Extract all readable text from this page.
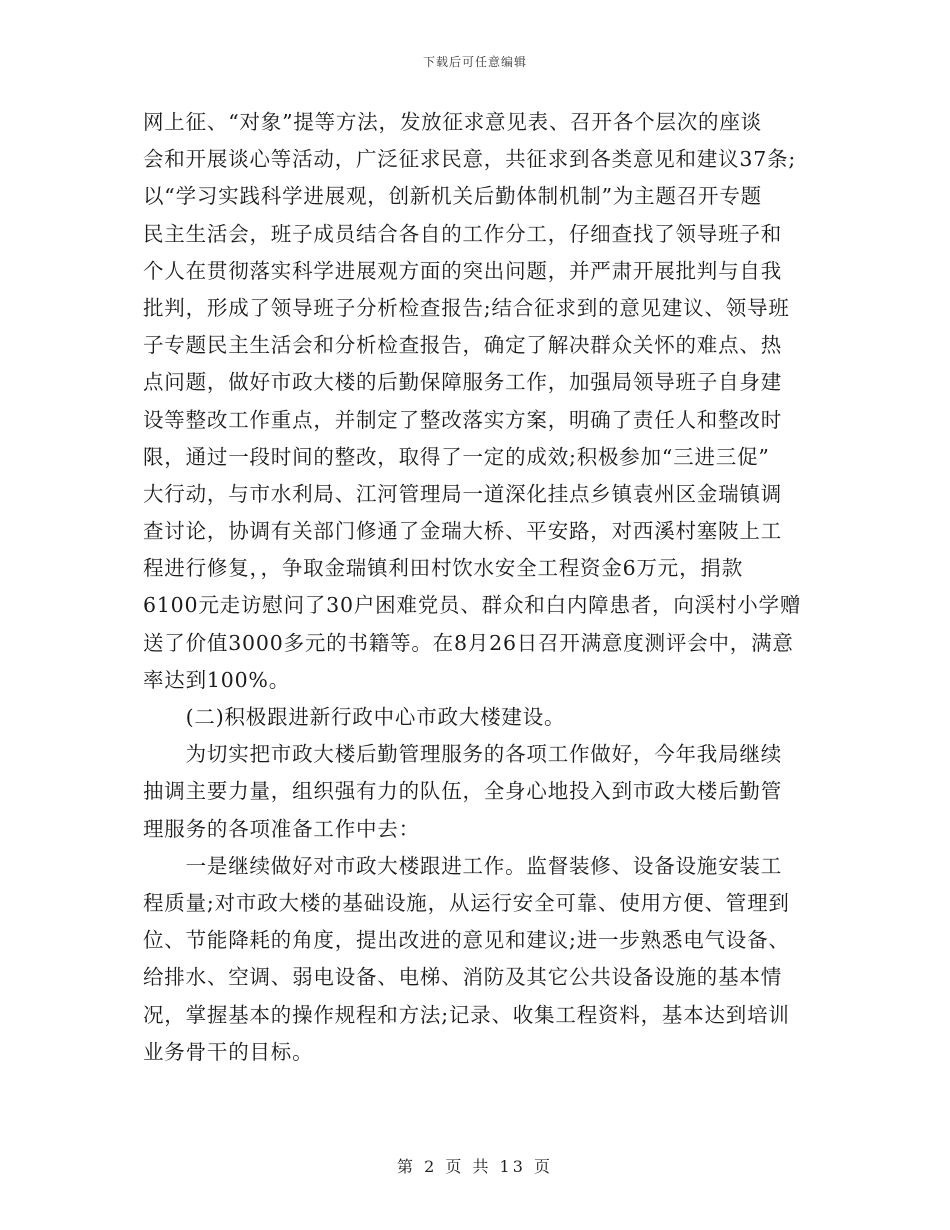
下载后可任意编辑
网上征、“对象”提等方法，发放征求意见表、召开各个层次的座谈
会和开展谈心等活动，广泛征求民意，共征求到各类意见和建议37条;
以“学习实践科学进展观，创新机关后勤体制机制”为主题召开专题
民主生活会，班子成员结合各自的工作分工，仔细查找了领导班子和
个人在贯彻落实科学进展观方面的突出问题，并严肃开展批判与自我
批判，形成了领导班子分析检查报告;结合征求到的意见建议、领导班
子专题民主生活会和分析检查报告，确定了解决群众关怀的难点、热
点问题，做好市政大楼的后勤保障服务工作，加强局领导班子自身建
设等整改工作重点，并制定了整改落实方案，明确了责任人和整改时
限，通过一段时间的整改，取得了一定的成效;积极参加“三进三促”
大行动，与市水利局、江河管理局一道深化挂点乡镇袁州区金瑞镇调
查讨论，协调有关部门修通了金瑞大桥、平安路，对西溪村塞陂上工
程进行修复，，争取金瑞镇利田村饮水安全工程资金6万元，捐款
6100元走访慰问了30户困难党员、群众和白内障患者，向渓村小学赠
送了价值3000多元的书籍等。在8月26日召开满意度测评会中，满意
率达到100%。
　　(二)积极跟进新行政中心市政大楼建设。
　　为切实把市政大楼后勤管理服务的各项工作做好，今年我局继续
抽调主要力量，组织强有力的队伍，全身心地投入到市政大楼后勤管
理服务的各项准备工作中去：
　　一是继续做好对市政大楼跟进工作。监督装修、设备设施安装工
程质量;对市政大楼的基础设施，从运行安全可靠、使用方便、管理到
位、节能降耗的角度，提出改进的意见和建议;进一步熟悉电气设备、
给排水、空调、弱电设备、电梯、消防及其它公共设备设施的基本情
况，掌握基本的操作规程和方法;记录、收集工程资料，基本达到培训
业务骨干的目标。
第 2 页 共 13 页
